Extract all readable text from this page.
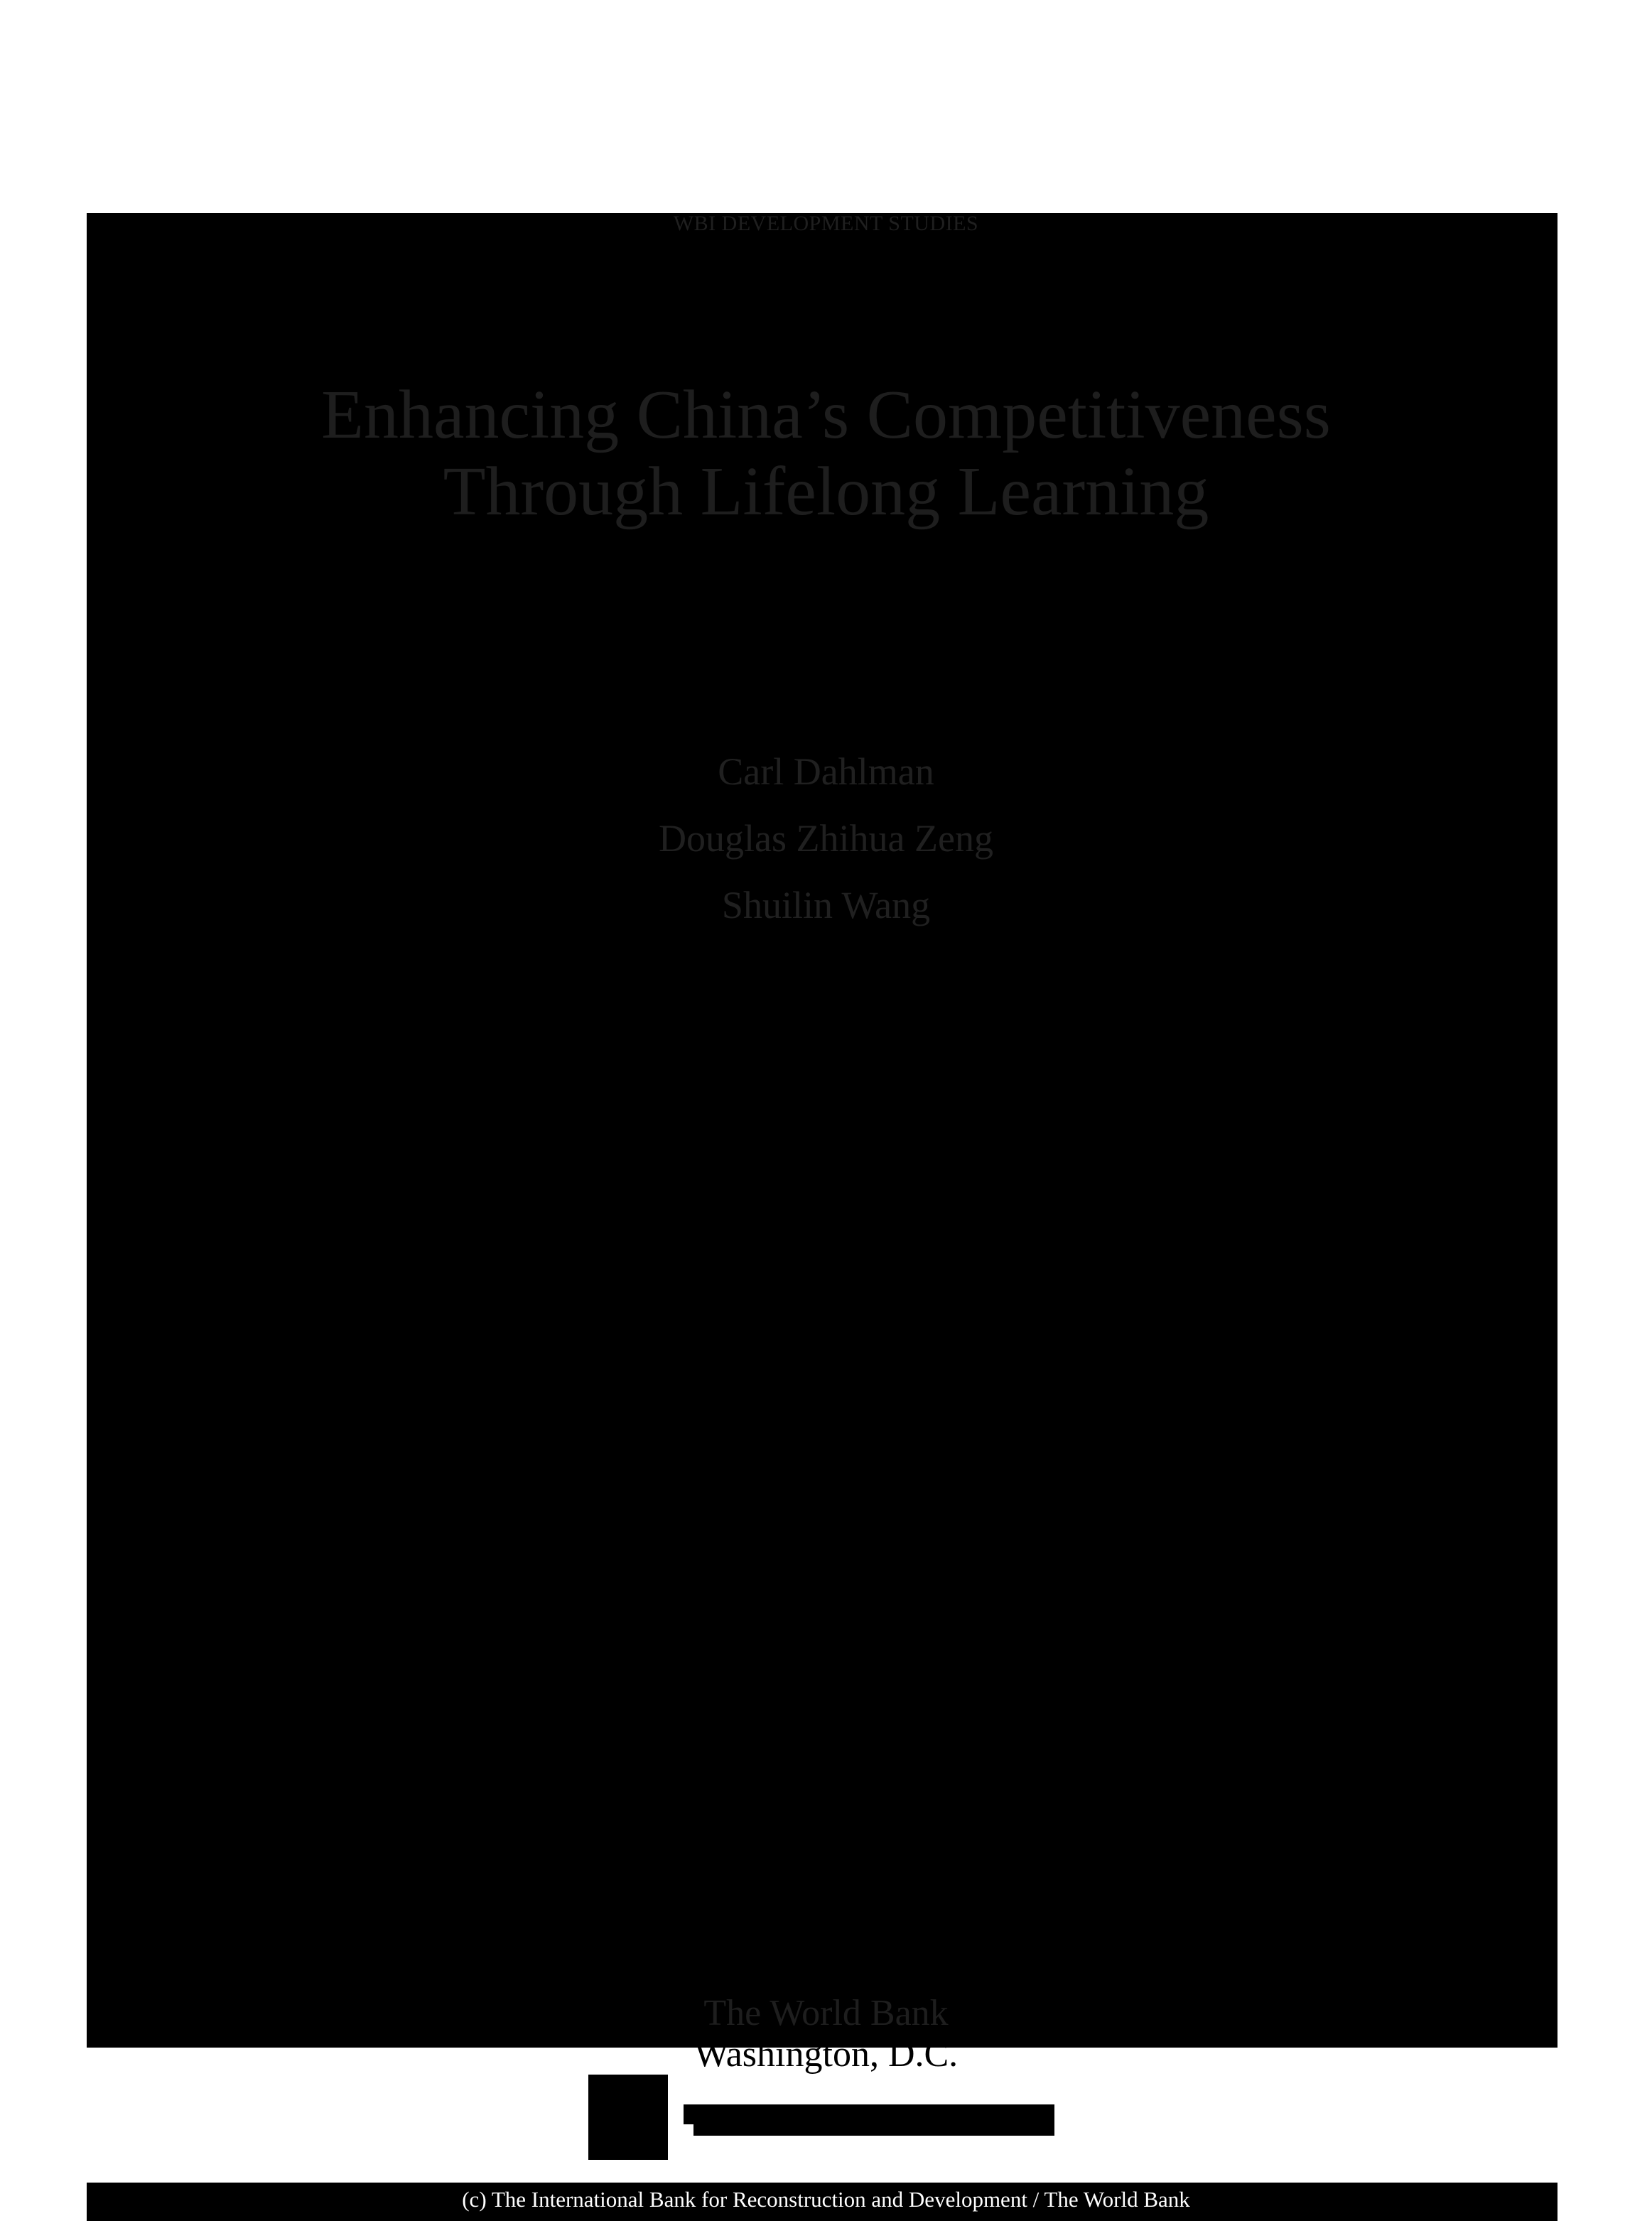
WBI DEVELOPMENT STUDIES
Enhancing China’s Competitiveness
Through Lifelong Learning
Carl Dahlman
Douglas Zhihua Zeng
Shuilin Wang
The World Bank
Washington, D.C.
(c) The International Bank for Reconstruction and Development / The World Bank
